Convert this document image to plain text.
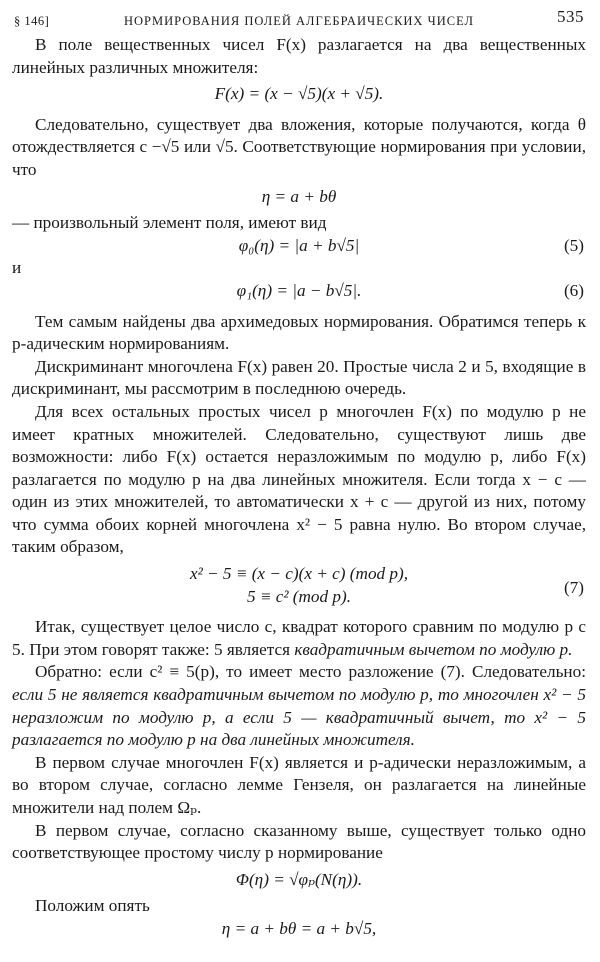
§ 146]	НОРМИРОВАНИЯ ПОЛЕЙ АЛГЕБРАИЧЕСКИХ ЧИСЕЛ	535

В поле вещественных чисел F(x) разлагается на два вещественных линейных различных множителя:

F(x) = (x − √5)(x + √5).

Следовательно, существует два вложения, которые получаются, когда θ отождествляется с −√5 или √5. Соответствующие нормирования при условии, что

η = a + bθ

— произвольный элемент поля, имеют вид

φ₀(η) = |a + b√5|	(5)

и

φ₁(η) = |a − b√5|.	(6)

Тем самым найдены два архимедовых нормирования. Обратимся теперь к p-адическим нормированиям.

Дискриминант многочлена F(x) равен 20. Простые числа 2 и 5, входящие в дискриминант, мы рассмотрим в последнюю очередь.

Для всех остальных простых чисел p многочлен F(x) по модулю p не имеет кратных множителей. Следовательно, существуют лишь две возможности: либо F(x) остается неразложимым по модулю p, либо F(x) разлагается по модулю p на два линейных множителя. Если тогда x − c — один из этих множителей, то автоматически x + c — другой из них, потому что сумма обоих корней многочлена x² − 5 равна нулю. Во втором случае, таким образом,

x² − 5 ≡ (x − c)(x + c) (mod p),
5 ≡ c² (mod p).	(7)

Итак, существует целое число c, квадрат которого сравним по модулю p с 5. При этом говорят также: 5 является квадратичным вычетом по модулю p.

Обратно: если c² ≡ 5(p), то имеет место разложение (7). Следовательно: если 5 не является квадратичным вычетом по модулю p, то многочлен x² − 5 неразложим по модулю p, а если 5 — квадратичный вычет, то x² − 5 разлагается по модулю p на два линейных множителя.

В первом случае многочлен F(x) является и p-адически неразложимым, а во втором случае, согласно лемме Гензеля, он разлагается на линейные множители над полем Ωₚ.

В первом случае, согласно сказанному выше, существует только одно соответствующее простому числу p нормирование

Φ(η) = √φₚ(N(η)).

Положим опять

η = a + bθ = a + b√5,
